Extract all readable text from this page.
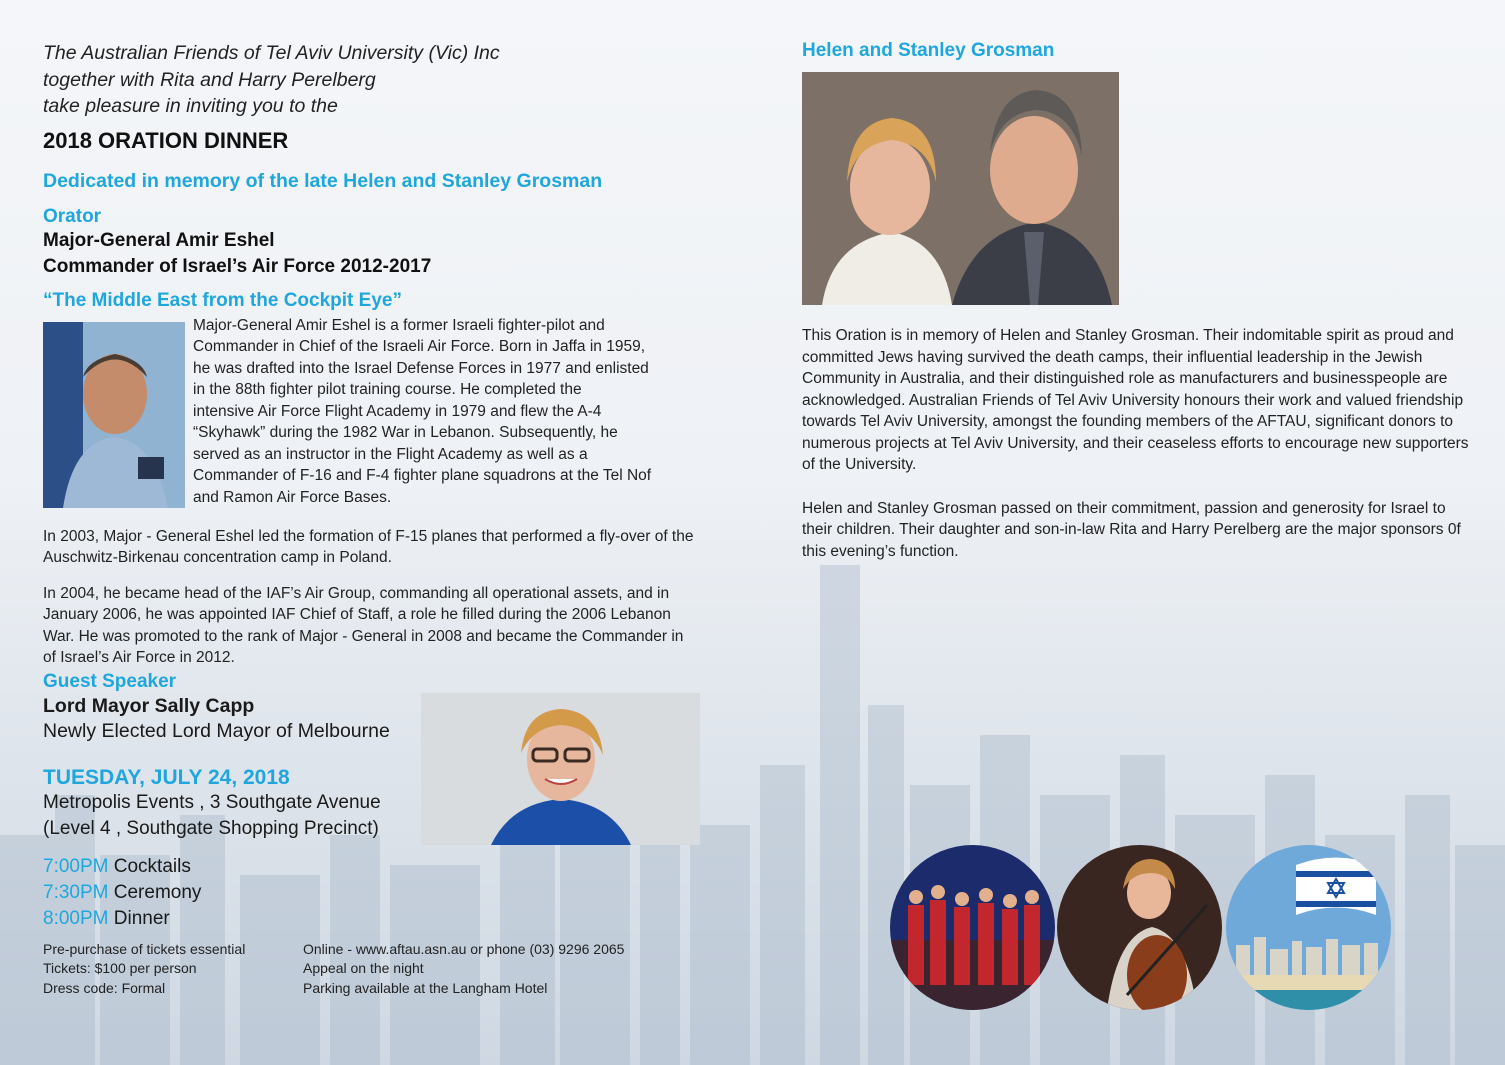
The Australian Friends of Tel Aviv University (Vic) Inc
together with Rita and Harry Perelberg
take pleasure in inviting you to the
2018 ORATION DINNER
Dedicated in memory of the late Helen and Stanley Grosman
Orator
Major-General Amir Eshel
Commander of Israel’s Air Force 2012-2017
“The Middle East from the Cockpit Eye”
Major-General Amir Eshel is a former Israeli fighter-pilot and
Commander in Chief of the Israeli Air Force. Born in Jaffa in 1959,
he was drafted into the Israel Defense Forces in 1977 and enlisted
in the 88th fighter pilot training course. He completed the
intensive Air Force Flight Academy in 1979 and flew the A-4
“Skyhawk” during the 1982 War in Lebanon. Subsequently, he
served as an instructor in the Flight Academy as well as a
Commander of F-16 and F-4 fighter plane squadrons at the Tel Nof
and Ramon Air Force Bases.
In 2003, Major - General Eshel led the formation of F-15 planes that performed a fly-over of the Auschwitz-Birkenau concentration camp in Poland.
In 2004, he became head of the IAF’s Air Group, commanding all operational assets, and in January 2006, he was appointed IAF Chief of Staff, a role he filled during the 2006 Lebanon War. He was promoted to the rank of Major - General in 2008 and became the Commander in of Israel’s Air Force in 2012.
Guest Speaker
Lord Mayor Sally Capp
Newly Elected Lord Mayor of Melbourne
TUESDAY, JULY 24, 2018
Metropolis Events , 3 Southgate Avenue
(Level 4 , Southgate Shopping Precinct)
7:00PM Cocktails
7:30PM Ceremony
8:00PM Dinner
Pre-purchase of tickets essential
Tickets: $100 per person
Dress code: Formal
Online - www.aftau.asn.au or phone (03) 9296 2065
Appeal on the night
Parking available at the Langham Hotel
Helen and Stanley Grosman

This Oration is in memory of Helen and Stanley Grosman. Their indomitable spirit as proud and committed Jews having survived the death camps, their influential leadership in the Jewish Community in Australia, and their distinguished role as manufacturers and businesspeople are acknowledged. Australian Friends of Tel Aviv University honours their work and valued friendship towards Tel Aviv University, amongst the founding members of the AFTAU, significant donors to numerous projects at Tel Aviv University, and their ceaseless efforts to encourage new supporters of the University.

Helen and Stanley Grosman passed on their commitment, passion and generosity for Israel to their children. Their daughter and son-in-law Rita and Harry Perelberg are the major sponsors 0f this evening’s function.
